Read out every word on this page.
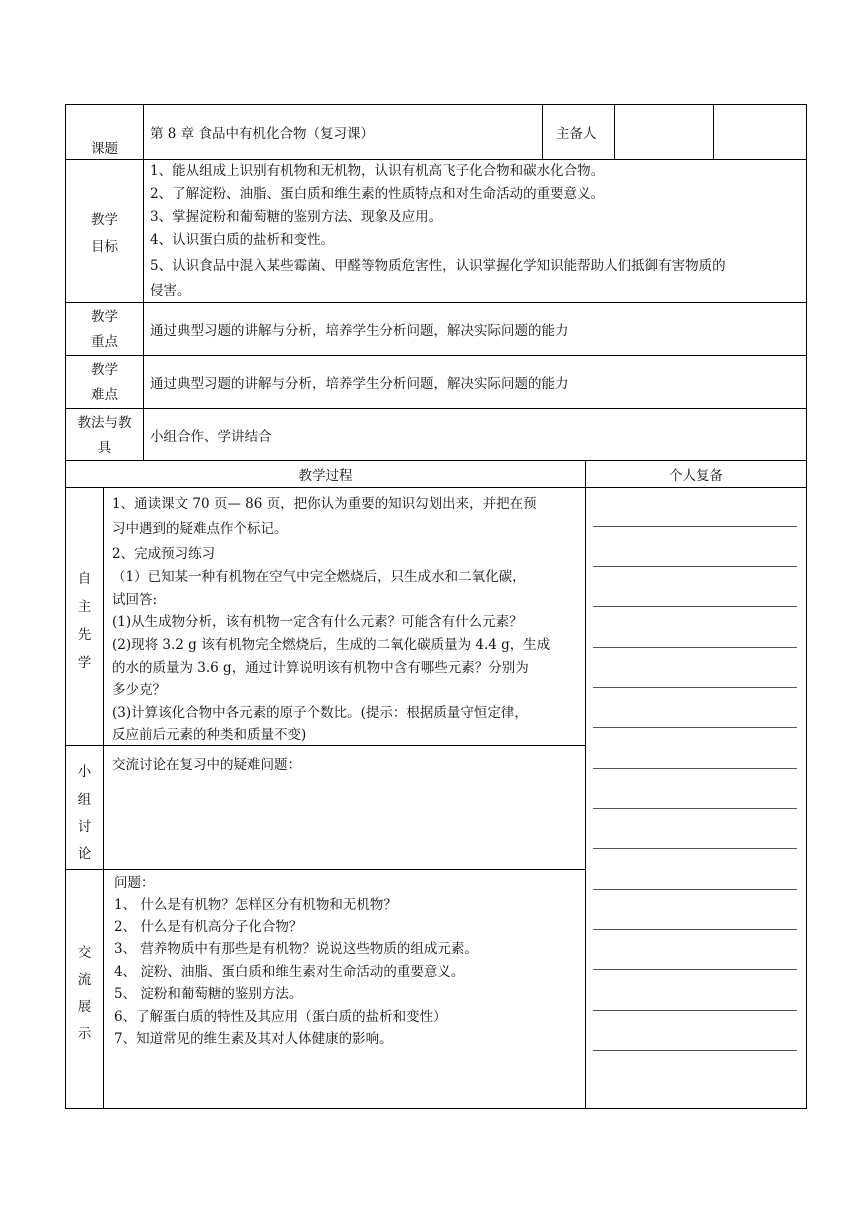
课题
第 8 章 食品中有机化合物（复习课）	主备人
教学
目标
1、能从组成上识别有机物和无机物，认识有机高飞子化合物和碳水化合物。
2、了解淀粉、油脂、蛋白质和维生素的性质特点和对生命活动的重要意义。
3、掌握淀粉和葡萄糖的鉴别方法、现象及应用。
4、认识蛋白质的盐析和变性。
5、认识食品中混入某些霉菌、甲醛等物质危害性，认识掌握化学知识能帮助人们抵御有害物质的
侵害。
教学
重点
通过典型习题的讲解与分析，培养学生分析问题，解决实际问题的能力
教学
难点
通过典型习题的讲解与分析，培养学生分析问题，解决实际问题的能力
教法与教
具
小组合作、学讲结合
教学过程	个人复备
自
主
先
学
1、通读课文 70 页— 86 页，把你认为重要的知识勾划出来，并把在预
习中遇到的疑难点作个标记。
2、完成预习练习
（1）已知某一种有机物在空气中完全燃烧后，只生成水和二氧化碳，
试回答:
(1)从生成物分析，该有机物一定含有什么元素？可能含有什么元素？
(2)现将 3.2 g 该有机物完全燃烧后，生成的二氧化碳质量为 4.4 g，生成
的水的质量为 3.6 g，通过计算说明该有机物中含有哪些元素？分别为
多少克？
(3)计算该化合物中各元素的原子个数比。(提示：根据质量守恒定律，
反应前后元素的种类和质量不变)
小
组
讨
论
交流讨论在复习中的疑难问题：
交
流
展
示
问题：
1、 什么是有机物？怎样区分有机物和无机物？
2、 什么是有机高分子化合物？
3、 营养物质中有那些是有机物？说说这些物质的组成元素。
4、 淀粉、油脂、蛋白质和维生素对生命活动的重要意义。
5、 淀粉和葡萄糖的鉴别方法。
6、了解蛋白质的特性及其应用（蛋白质的盐析和变性）
7、知道常见的维生素及其对人体健康的影响。
